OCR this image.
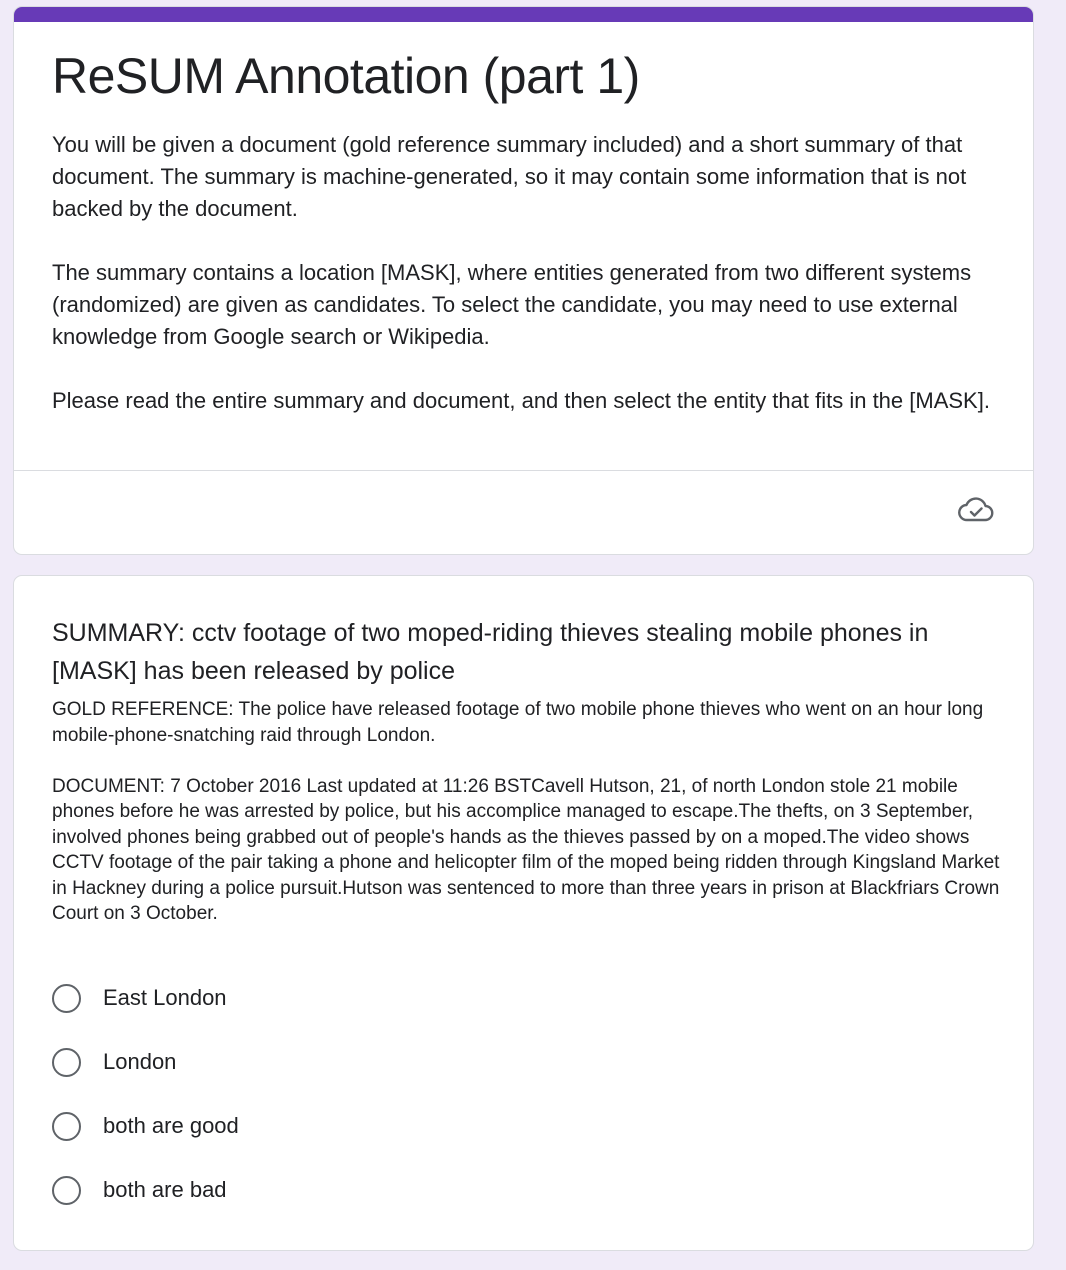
ReSUM Annotation (part 1)

You will be given a document (gold reference summary included) and a short summary of that document. The summary is machine-generated, so it may contain some information that is not backed by the document.

The summary contains a location [MASK], where entities generated from two different systems (randomized) are given as candidates. To select the candidate, you may need to use external knowledge from Google search or Wikipedia.

Please read the entire summary and document, and then select the entity that fits in the [MASK].

SUMMARY: cctv footage of two moped-riding thieves stealing mobile phones in [MASK] has been released by police

GOLD REFERENCE: The police have released footage of two mobile phone thieves who went on an hour long mobile-phone-snatching raid through London.

DOCUMENT: 7 October 2016 Last updated at 11:26 BSTCavell Hutson, 21, of north London stole 21 mobile phones before he was arrested by police, but his accomplice managed to escape.The thefts, on 3 September, involved phones being grabbed out of people's hands as the thieves passed by on a moped.The video shows CCTV footage of the pair taking a phone and helicopter film of the moped being ridden through Kingsland Market in Hackney during a police pursuit.Hutson was sentenced to more than three years in prison at Blackfriars Crown Court on 3 October.

East London
London
both are good
both are bad
